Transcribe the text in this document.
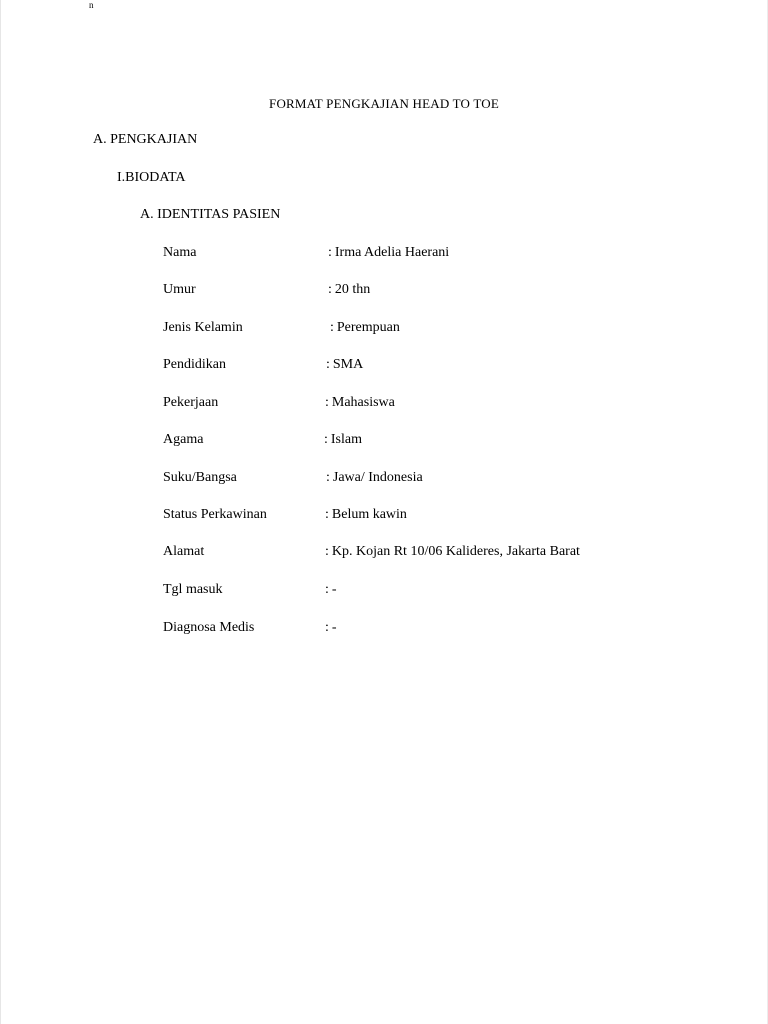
n
FORMAT PENGKAJIAN HEAD TO TOE
A. PENGKAJIAN
I.BIODATA
A. IDENTITAS PASIEN
Nama	: Irma Adelia Haerani
Umur	: 20 thn
Jenis Kelamin	: Perempuan
Pendidikan	: SMA
Pekerjaan	: Mahasiswa
Agama	: Islam
Suku/Bangsa	: Jawa/ Indonesia
Status Perkawinan	: Belum kawin
Alamat	: Kp. Kojan Rt 10/06 Kalideres, Jakarta Barat
Tgl masuk	: -
Diagnosa Medis	: -
